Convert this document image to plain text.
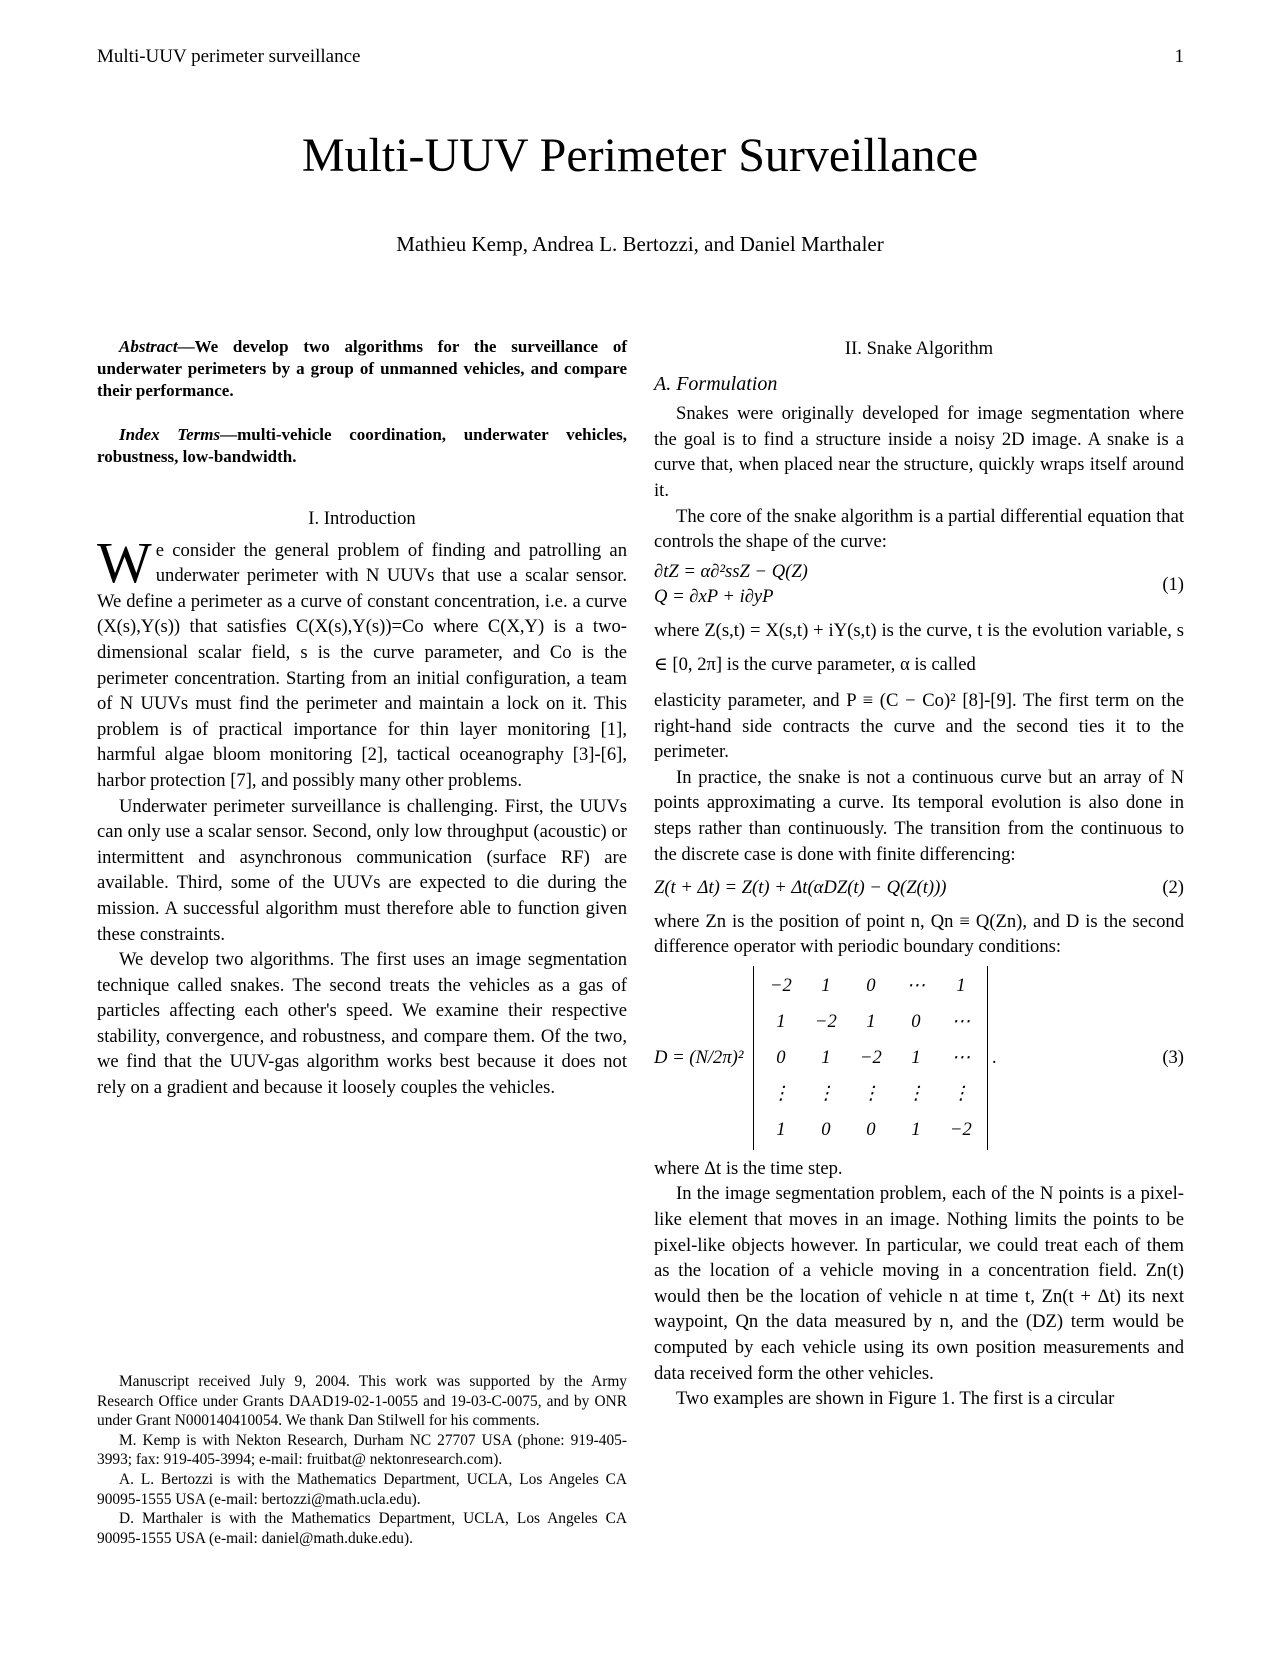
Multi-UUV perimeter surveillance	1
Multi-UUV Perimeter Surveillance
Mathieu Kemp, Andrea L. Bertozzi, and Daniel Marthaler

Abstract—We develop two algorithms for the surveillance of underwater perimeters by a group of unmanned vehicles, and compare their performance.

Index Terms—multi-vehicle coordination, underwater vehicles, robustness, low-bandwidth.

I. Introduction

We consider the general problem of finding and patrolling an underwater perimeter with N UUVs that use a scalar sensor. We define a perimeter as a curve of constant concentration, i.e. a curve (X(s),Y(s)) that satisfies C(X(s),Y(s))=Co where C(X,Y) is a two-dimensional scalar field, s is the curve parameter, and Co is the perimeter concentration. Starting from an initial configuration, a team of N UUVs must find the perimeter and maintain a lock on it. This problem is of practical importance for thin layer monitoring [1], harmful algae bloom monitoring [2], tactical oceanography [3]-[6], harbor protection [7], and possibly many other problems.

Underwater perimeter surveillance is challenging. First, the UUVs can only use a scalar sensor. Second, only low throughput (acoustic) or intermittent and asynchronous communication (surface RF) are available. Third, some of the UUVs are expected to die during the mission. A successful algorithm must therefore able to function given these constraints.

We develop two algorithms. The first uses an image segmentation technique called snakes. The second treats the vehicles as a gas of particles affecting each other's speed. We examine their respective stability, convergence, and robustness, and compare them. Of the two, we find that the UUV-gas algorithm works best because it does not rely on a gradient and because it loosely couples the vehicles.

Manuscript received July 9, 2004. This work was supported by the Army Research Office under Grants DAAD19-02-1-0055 and 19-03-C-0075, and by ONR under Grant N000140410054. We thank Dan Stilwell for his comments.

M. Kemp is with Nekton Research, Durham NC 27707 USA (phone: 919-405-3993; fax: 919-405-3994; e-mail: fruitbat@ nektonresearch.com).

A. L. Bertozzi is with the Mathematics Department, UCLA, Los Angeles CA 90095-1555 USA (e-mail: bertozzi@math.ucla.edu).

D. Marthaler is with the Mathematics Department, UCLA, Los Angeles CA 90095-1555 USA (e-mail: daniel@math.duke.edu).

II. Snake Algorithm

A. Formulation

Snakes were originally developed for image segmentation where the goal is to find a structure inside a noisy 2D image. A snake is a curve that, when placed near the structure, quickly wraps itself around it.

The core of the snake algorithm is a partial differential equation that controls the shape of the curve:

∂tZ = α∂²ssZ − Q(Z)
Q = ∂xP + i∂yP
(1)

where Z(s,t) = X(s,t) + iY(s,t) is the curve, t is the evolution variable, s ∈ [0, 2π] is the curve parameter, α is called

elasticity parameter, and P ≡ (C − Co)² [8]-[9]. The first term on the right-hand side contracts the curve and the second ties it to the perimeter.

In practice, the snake is not a continuous curve but an array of N points approximating a curve. Its temporal evolution is also done in steps rather than continuously. The transition from the continuous to the discrete case is done with finite differencing:

Z(t + Δt) = Z(t) + Δt(αDZ(t) − Q(Z(t)))	(2)

where Zn is the position of point n, Qn ≡ Q(Zn), and D is the second difference operator with periodic boundary conditions:

D = (N/2π)²
−2	1	0	⋯	1
1	−2	1	0	⋯
0	1	−2	1	⋯
⋮	⋮	⋮	⋮	⋮
1	0	0	1	−2
.	(3)

where Δt is the time step.

In the image segmentation problem, each of the N points is a pixel-like element that moves in an image. Nothing limits the points to be pixel-like objects however. In particular, we could treat each of them as the location of a vehicle moving in a concentration field. Zn(t) would then be the location of vehicle n at time t, Zn(t + Δt) its next waypoint, Qn the data measured by n, and the (DZ) term would be computed by each vehicle using its own position measurements and data received form the other vehicles.

Two examples are shown in Figure 1. The first is a circular
